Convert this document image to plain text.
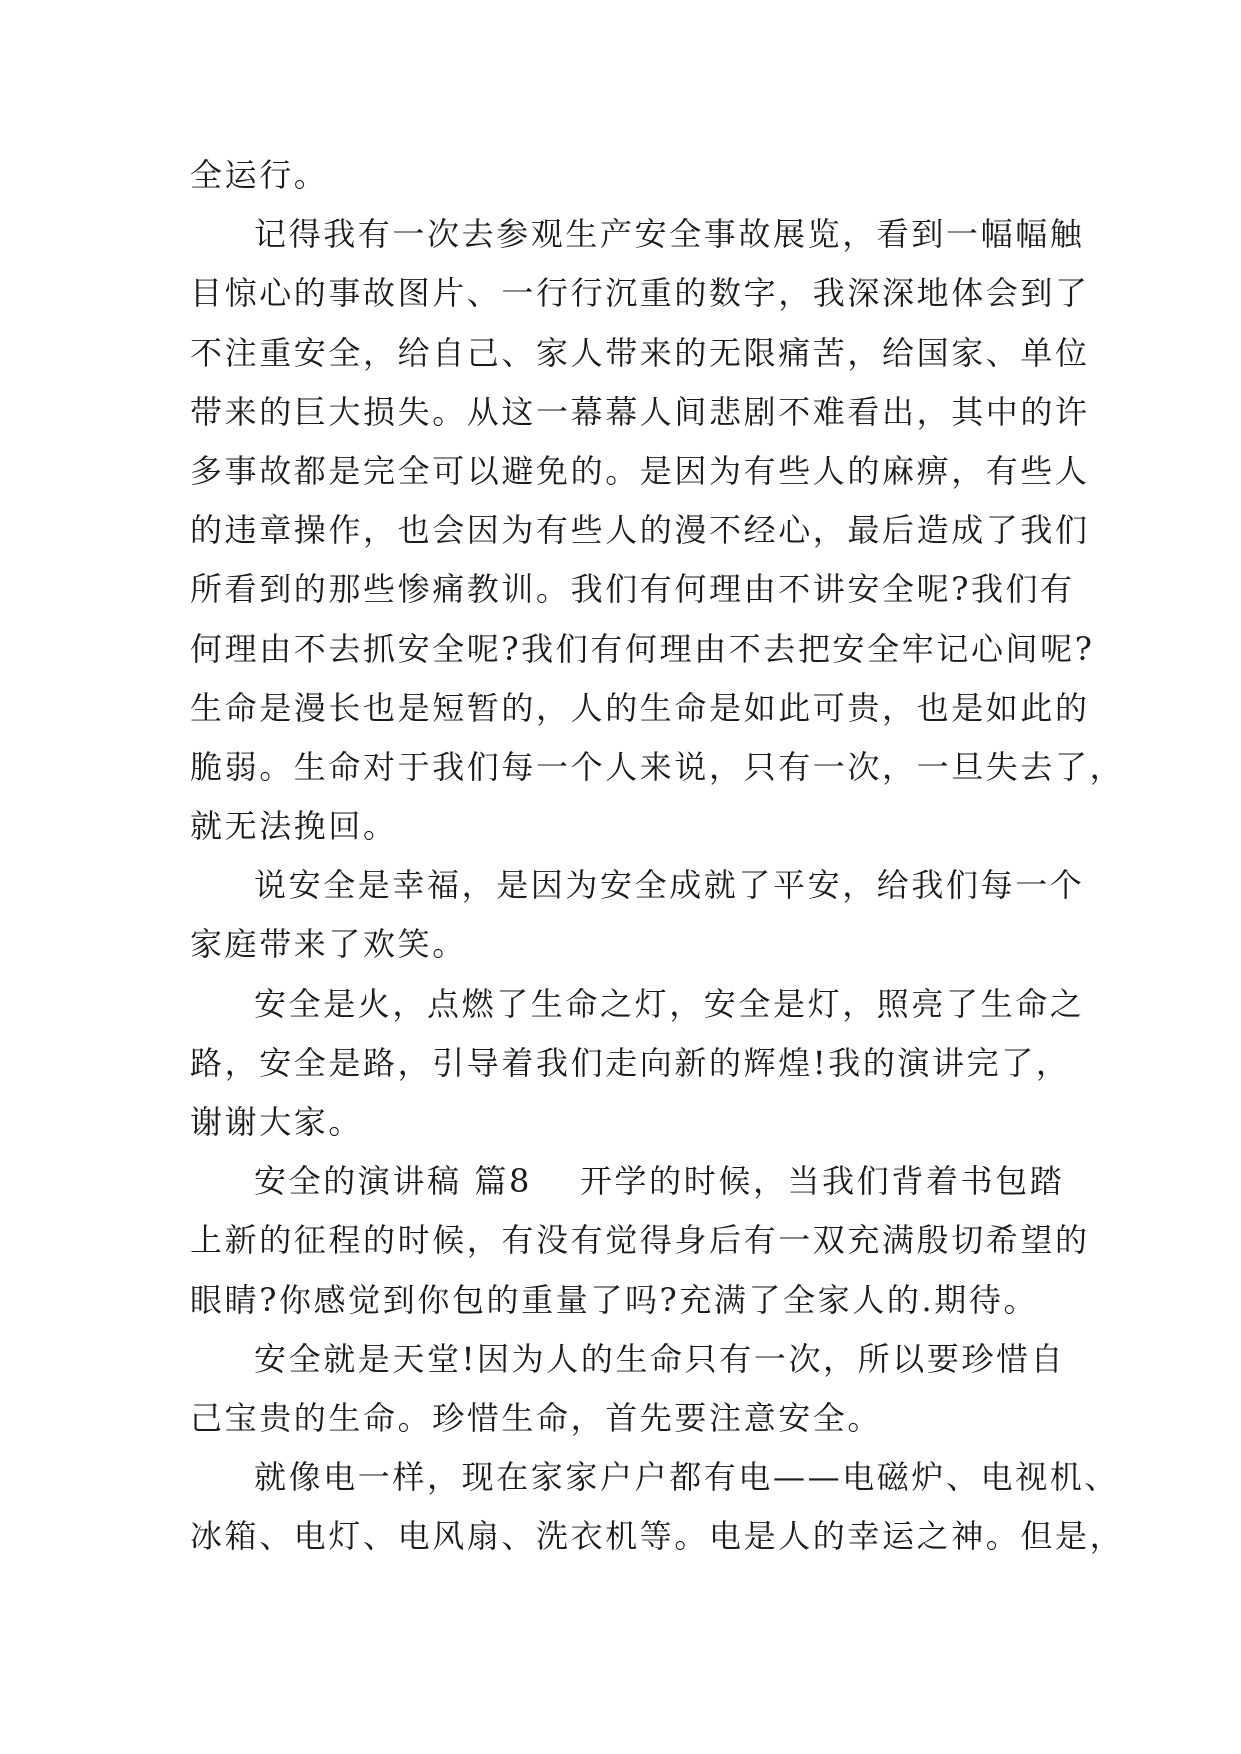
全运行。
记得我有一次去参观生产安全事故展览，看到一幅幅触
目惊心的事故图片、一行行沉重的数字，我深深地体会到了
不注重安全，给自己、家人带来的无限痛苦，给国家、单位
带来的巨大损失。从这一幕幕人间悲剧不难看出，其中的许
多事故都是完全可以避免的。是因为有些人的麻痹，有些人
的违章操作，也会因为有些人的漫不经心，最后造成了我们
所看到的那些惨痛教训。我们有何理由不讲安全呢?我们有
何理由不去抓安全呢?我们有何理由不去把安全牢记心间呢?
生命是漫长也是短暂的，人的生命是如此可贵，也是如此的
脆弱。生命对于我们每一个人来说，只有一次，一旦失去了，
就无法挽回。
说安全是幸福，是因为安全成就了平安，给我们每一个
家庭带来了欢笑。
安全是火，点燃了生命之灯，安全是灯，照亮了生命之
路，安全是路，引导着我们走向新的辉煌!我的演讲完了，
谢谢大家。
安全的演讲稿 篇8 开学的时候，当我们背着书包踏
上新的征程的时候，有没有觉得身后有一双充满殷切希望的
眼睛?你感觉到你包的重量了吗?充满了全家人的.期待。
安全就是天堂!因为人的生命只有一次，所以要珍惜自
己宝贵的生命。珍惜生命，首先要注意安全。
就像电一样，现在家家户户都有电——电磁炉、电视机、
冰箱、电灯、电风扇、洗衣机等。电是人的幸运之神。但是，
